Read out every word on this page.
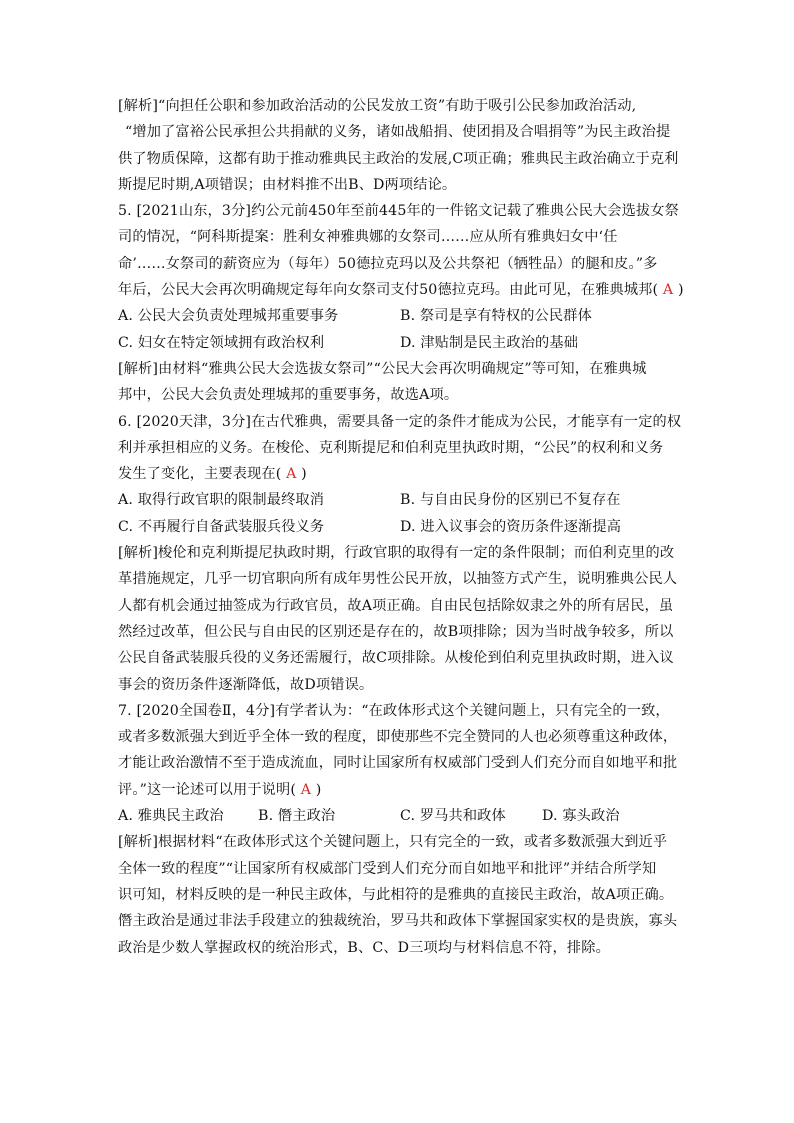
[解析]“向担任公职和参加政治活动的公民发放工资”有助于吸引公民参加政治活动,
“增加了富裕公民承担公共捐献的义务，诸如战船捐、使团捐及合唱捐等”为民主政治提
供了物质保障，这都有助于推动雅典民主政治的发展,C项正确；雅典民主政治确立于克利
斯提尼时期,A项错误；由材料推不出B、D两项结论。
5. [2021山东，3分]约公元前450年至前445年的一件铭文记载了雅典公民大会选拔女祭
司的情况，“阿科斯提案：胜利女神雅典娜的女祭司……应从所有雅典妇女中‘任
命’……女祭司的薪资应为（每年）50德拉克玛以及公共祭祀（牺牲品）的腿和皮。”多
年后，公民大会再次明确规定每年向女祭司支付50德拉克玛。由此可见，在雅典城邦( A )
A. 公民大会负责处理城邦重要事务	B. 祭司是享有特权的公民群体
C. 妇女在特定领域拥有政治权利	D. 津贴制是民主政治的基础
[解析]由材料“雅典公民大会选拔女祭司”“公民大会再次明确规定”等可知，在雅典城
邦中，公民大会负责处理城邦的重要事务，故选A项。
6. [2020天津，3分]在古代雅典，需要具备一定的条件才能成为公民，才能享有一定的权
利并承担相应的义务。在梭伦、克利斯提尼和伯利克里执政时期，“公民”的权利和义务
发生了变化，主要表现在( A )
A. 取得行政官职的限制最终取消	B. 与自由民身份的区别已不复存在
C. 不再履行自备武装服兵役义务	D. 进入议事会的资历条件逐渐提高
[解析]梭伦和克利斯提尼执政时期，行政官职的取得有一定的条件限制；而伯利克里的改
革措施规定，几乎一切官职向所有成年男性公民开放，以抽签方式产生，说明雅典公民人
人都有机会通过抽签成为行政官员，故A项正确。自由民包括除奴隶之外的所有居民，虽
然经过改革，但公民与自由民的区别还是存在的，故B项排除；因为当时战争较多，所以
公民自备武装服兵役的义务还需履行，故C项排除。从梭伦到伯利克里执政时期，进入议
事会的资历条件逐渐降低，故D项错误。
7. [2020全国卷Ⅱ，4分]有学者认为：“在政体形式这个关键问题上，只有完全的一致，
或者多数派强大到近乎全体一致的程度，即使那些不完全赞同的人也必须尊重这种政体，
才能让政治激情不至于造成流血，同时让国家所有权威部门受到人们充分而自如地平和批
评。”这一论述可以用于说明( A )
A. 雅典民主政治	B. 僭主政治	C. 罗马共和政体	D. 寡头政治
[解析]根据材料“在政体形式这个关键问题上，只有完全的一致，或者多数派强大到近乎
全体一致的程度”“让国家所有权威部门受到人们充分而自如地平和批评”并结合所学知
识可知，材料反映的是一种民主政体，与此相符的是雅典的直接民主政治，故A项正确。
僭主政治是通过非法手段建立的独裁统治，罗马共和政体下掌握国家实权的是贵族，寡头
政治是少数人掌握政权的统治形式，B、C、D三项均与材料信息不符，排除。
